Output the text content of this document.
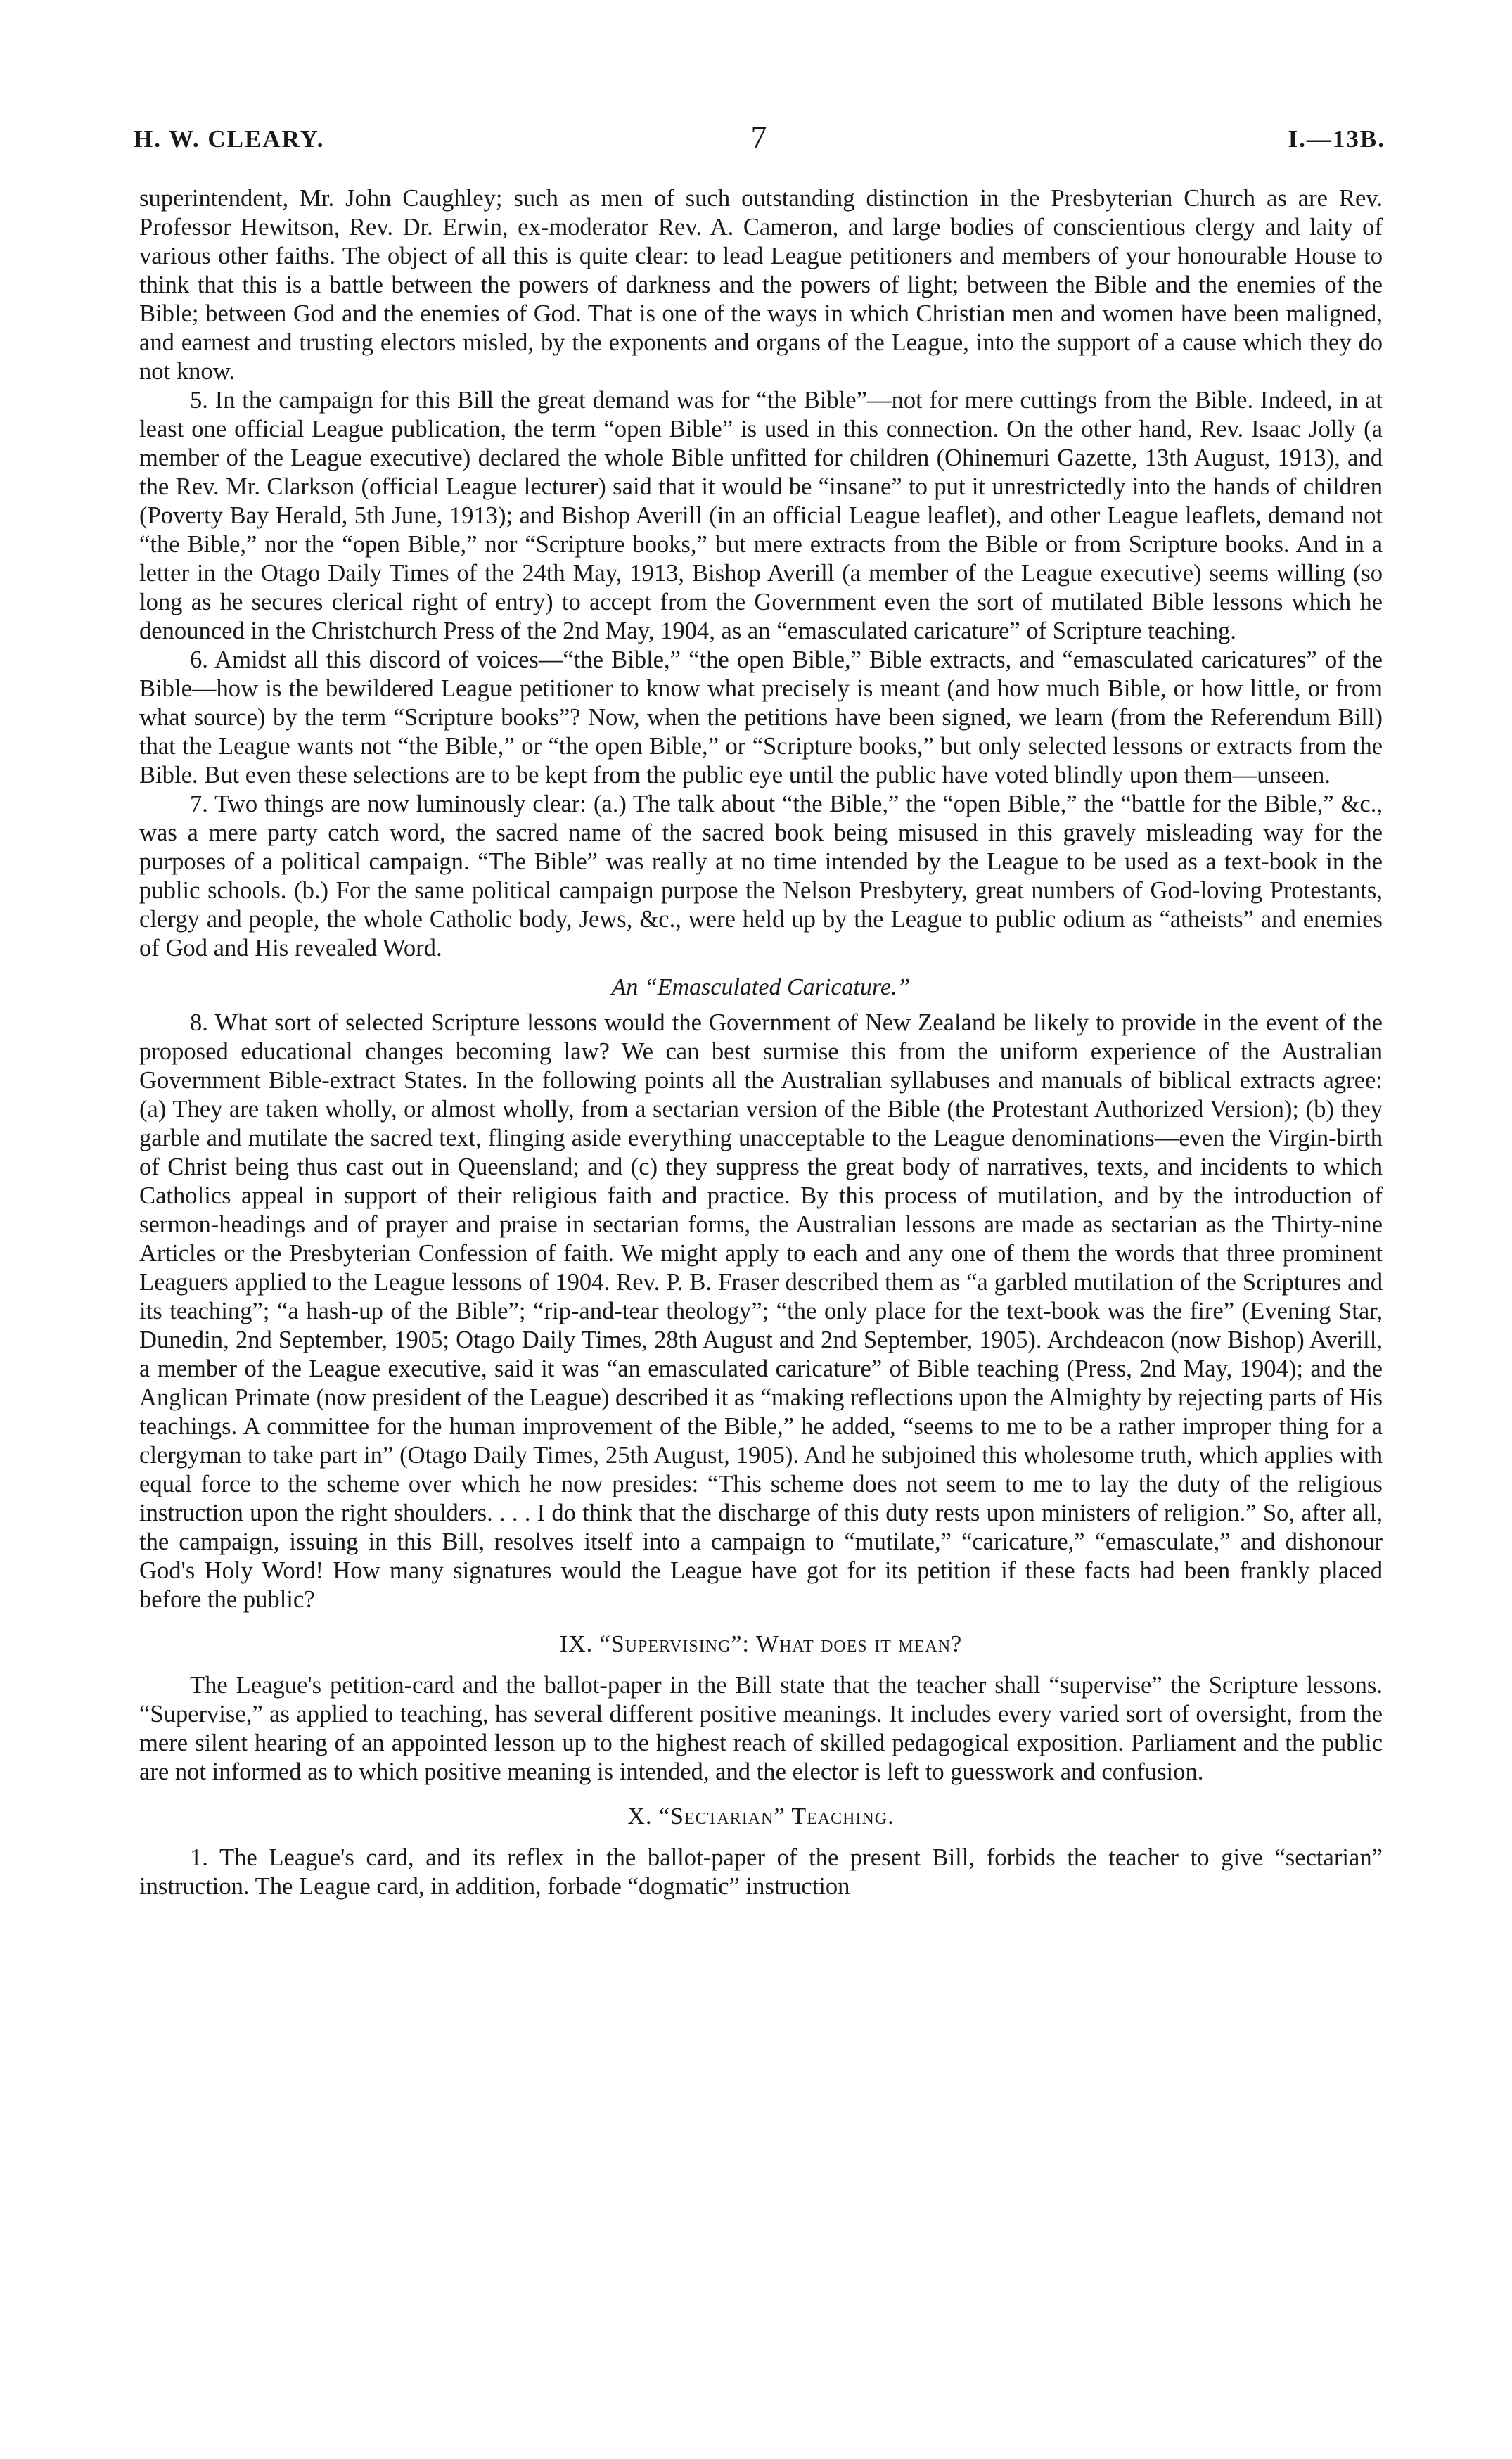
H. W. CLEARY.	7	I.—13B.

superintendent, Mr. John Caughley; such as men of such outstanding distinction in the Presbyterian Church as are Rev. Professor Hewitson, Rev. Dr. Erwin, ex-moderator Rev. A. Cameron, and large bodies of conscientious clergy and laity of various other faiths. The object of all this is quite clear: to lead League petitioners and members of your honourable House to think that this is a battle between the powers of darkness and the powers of light; between the Bible and the enemies of the Bible; between God and the enemies of God. That is one of the ways in which Christian men and women have been maligned, and earnest and trusting electors misled, by the exponents and organs of the League, into the support of a cause which they do not know.

5. In the campaign for this Bill the great demand was for “the Bible”—not for mere cuttings from the Bible. Indeed, in at least one official League publication, the term “open Bible” is used in this connection. On the other hand, Rev. Isaac Jolly (a member of the League executive) declared the whole Bible unfitted for children (Ohinemuri Gazette, 13th August, 1913), and the Rev. Mr. Clarkson (official League lecturer) said that it would be “insane” to put it unrestrictedly into the hands of children (Poverty Bay Herald, 5th June, 1913); and Bishop Averill (in an official League leaflet), and other League leaflets, demand not “the Bible,” nor the “open Bible,” nor “Scripture books,” but mere extracts from the Bible or from Scripture books. And in a letter in the Otago Daily Times of the 24th May, 1913, Bishop Averill (a member of the League executive) seems willing (so long as he secures clerical right of entry) to accept from the Government even the sort of mutilated Bible lessons which he denounced in the Christchurch Press of the 2nd May, 1904, as an “emasculated caricature” of Scripture teaching.

6. Amidst all this discord of voices—“the Bible,” “the open Bible,” Bible extracts, and “emasculated caricatures” of the Bible—how is the bewildered League petitioner to know what precisely is meant (and how much Bible, or how little, or from what source) by the term “Scripture books”? Now, when the petitions have been signed, we learn (from the Referendum Bill) that the League wants not “the Bible,” or “the open Bible,” or “Scripture books,” but only selected lessons or extracts from the Bible. But even these selections are to be kept from the public eye until the public have voted blindly upon them—unseen.

7. Two things are now luminously clear: (a.) The talk about “the Bible,” the “open Bible,” the “battle for the Bible,” &c., was a mere party catch word, the sacred name of the sacred book being misused in this gravely misleading way for the purposes of a political campaign. “The Bible” was really at no time intended by the League to be used as a text-book in the public schools. (b.) For the same political campaign purpose the Nelson Presbytery, great numbers of God-loving Protestants, clergy and people, the whole Catholic body, Jews, &c., were held up by the League to public odium as “atheists” and enemies of God and His revealed Word.

An “Emasculated Caricature.”

8. What sort of selected Scripture lessons would the Government of New Zealand be likely to provide in the event of the proposed educational changes becoming law? We can best surmise this from the uniform experience of the Australian Government Bible-extract States. In the following points all the Australian syllabuses and manuals of biblical extracts agree: (a) They are taken wholly, or almost wholly, from a sectarian version of the Bible (the Protestant Authorized Version); (b) they garble and mutilate the sacred text, flinging aside everything unacceptable to the League denominations—even the Virgin-birth of Christ being thus cast out in Queensland; and (c) they suppress the great body of narratives, texts, and incidents to which Catholics appeal in support of their religious faith and practice. By this process of mutilation, and by the introduction of sermon-headings and of prayer and praise in sectarian forms, the Australian lessons are made as sectarian as the Thirty-nine Articles or the Presbyterian Confession of faith. We might apply to each and any one of them the words that three prominent Leaguers applied to the League lessons of 1904. Rev. P. B. Fraser described them as “a garbled mutilation of the Scriptures and its teaching”; “a hash-up of the Bible”; “rip-and-tear theology”; “the only place for the text-book was the fire” (Evening Star, Dunedin, 2nd September, 1905; Otago Daily Times, 28th August and 2nd September, 1905). Archdeacon (now Bishop) Averill, a member of the League executive, said it was “an emasculated caricature” of Bible teaching (Press, 2nd May, 1904); and the Anglican Primate (now president of the League) described it as “making reflections upon the Almighty by rejecting parts of His teachings. A committee for the human improvement of the Bible,” he added, “seems to me to be a rather improper thing for a clergyman to take part in” (Otago Daily Times, 25th August, 1905). And he subjoined this wholesome truth, which applies with equal force to the scheme over which he now presides: “This scheme does not seem to me to lay the duty of the religious instruction upon the right shoulders. . . . I do think that the discharge of this duty rests upon ministers of religion.” So, after all, the campaign, issuing in this Bill, resolves itself into a campaign to “mutilate,” “caricature,” “emasculate,” and dishonour God's Holy Word! How many signatures would the League have got for its petition if these facts had been frankly placed before the public?

IX. “Supervising”: What does it mean?

The League's petition-card and the ballot-paper in the Bill state that the teacher shall “supervise” the Scripture lessons. “Supervise,” as applied to teaching, has several different positive meanings. It includes every varied sort of oversight, from the mere silent hearing of an appointed lesson up to the highest reach of skilled pedagogical exposition. Parliament and the public are not informed as to which positive meaning is intended, and the elector is left to guesswork and confusion.

X. “Sectarian” Teaching.

1. The League's card, and its reflex in the ballot-paper of the present Bill, forbids the teacher to give “sectarian” instruction. The League card, in addition, forbade “dogmatic” instruction
